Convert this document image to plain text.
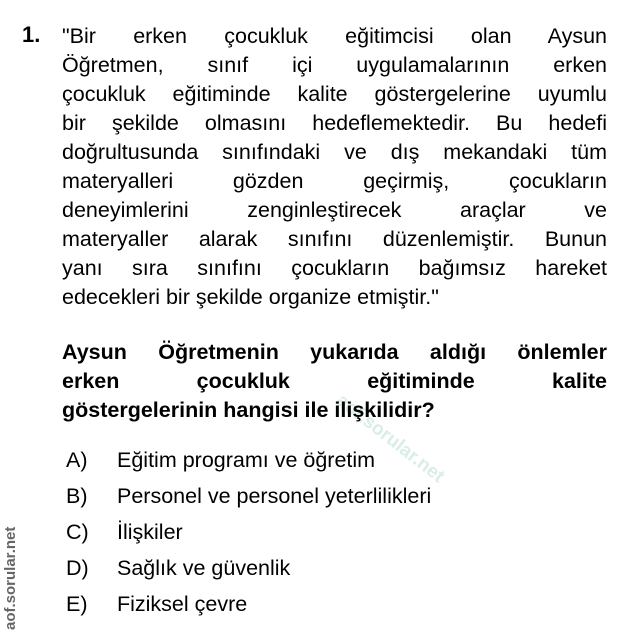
aof.sorular.net
1. "Bir erken çocukluk eğitimcisi olan Aysun
Öğretmen, sınıf içi uygulamalarının erken
çocukluk eğitiminde kalite göstergelerine uyumlu
bir şekilde olmasını hedeflemektedir. Bu hedefi
doğrultusunda sınıfındaki ve dış mekandaki tüm
materyalleri gözden geçirmiş, çocukların
deneyimlerini zenginleştirecek araçlar ve
materyaller alarak sınıfını düzenlemiştir. Bunun
yanı sıra sınıfını çocukların bağımsız hareket
edecekleri bir şekilde organize etmiştir."
Aysun Öğretmenin yukarıda aldığı önlemler
erken çocukluk eğitiminde kalite
göstergelerinin hangisi ile ilişkilidir?
A)	Eğitim programı ve öğretim
B)	Personel ve personel yeterlilikleri
C)	İlişkiler
D)	Sağlık ve güvenlik
E)	Fiziksel çevre
aof.sorular.net
